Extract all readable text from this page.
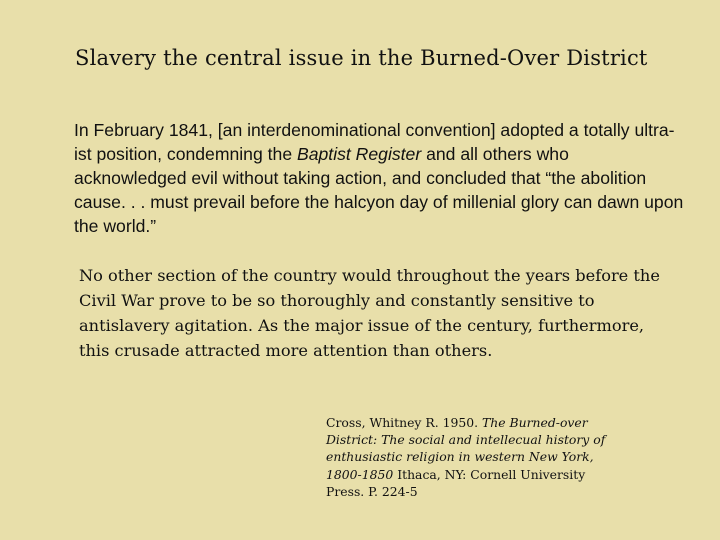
Slavery the central issue in the Burned-Over District

In February 1841, [an interdenominational convention] adopted a totally ultra-ist position, condemning the Baptist Register and all others who acknowledged evil without taking action, and concluded that “the abolition cause. . . must prevail before the halcyon day of millenial glory can dawn upon the world.”

No other section of the country would throughout the years before the Civil War prove to be so thoroughly and constantly sensitive to antislavery agitation. As the major issue of the century, furthermore, this crusade attracted more attention than others.

Cross, Whitney R. 1950. The Burned-over District: The social and intellecual history of enthusiastic religion in western New York, 1800-1850 Ithaca, NY: Cornell University Press. P. 224-5
